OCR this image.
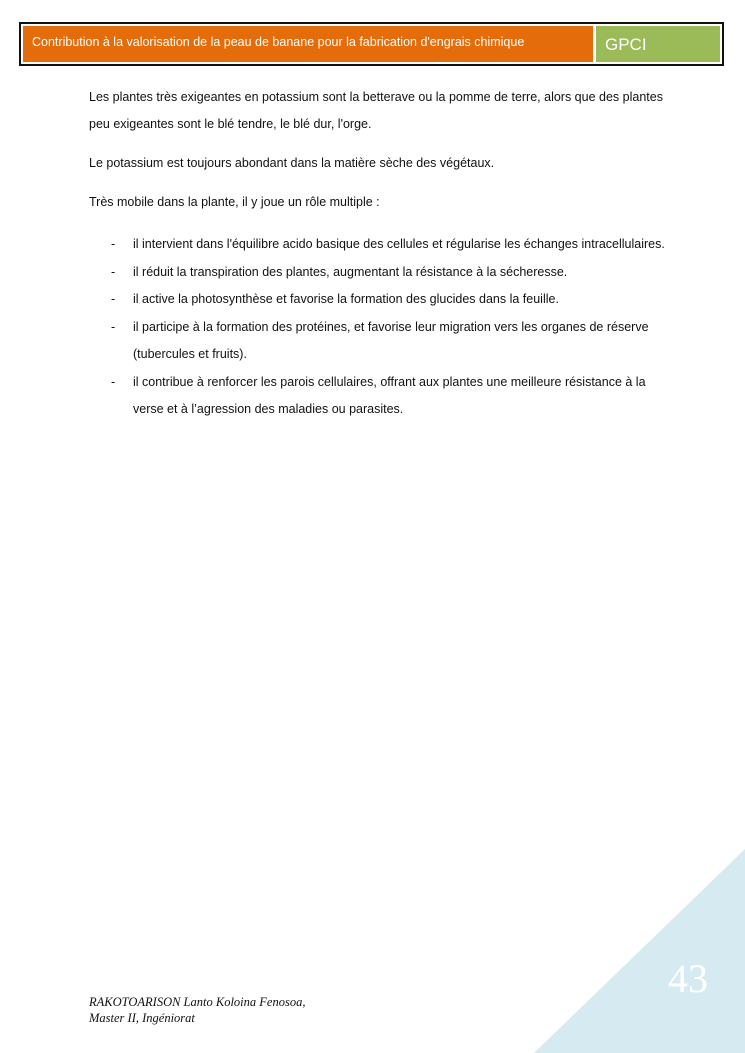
Contribution à la valorisation de la peau de banane pour la fabrication d'engrais chimique	GPCI

Les plantes très exigeantes en potassium sont la betterave ou la pomme de terre, alors que des plantes peu exigeantes sont le blé tendre, le blé dur, l'orge.

Le potassium est toujours abondant dans la matière sèche des végétaux.

Très mobile dans la plante, il y joue un rôle multiple :

- il intervient dans l'équilibre acido basique des cellules et régularise les échanges intracellulaires.
- il réduit la transpiration des plantes, augmentant la résistance à la sécheresse.
- il active la photosynthèse et favorise la formation des glucides dans la feuille.
- il participe à la formation des protéines, et favorise leur migration vers les organes de réserve (tubercules et fruits).
- il contribue à renforcer les parois cellulaires, offrant aux plantes une meilleure résistance à la verse et à l’agression des maladies ou parasites.
43
RAKOTOARISON Lanto Koloina Fenosoa,
Master II, Ingéniorat
